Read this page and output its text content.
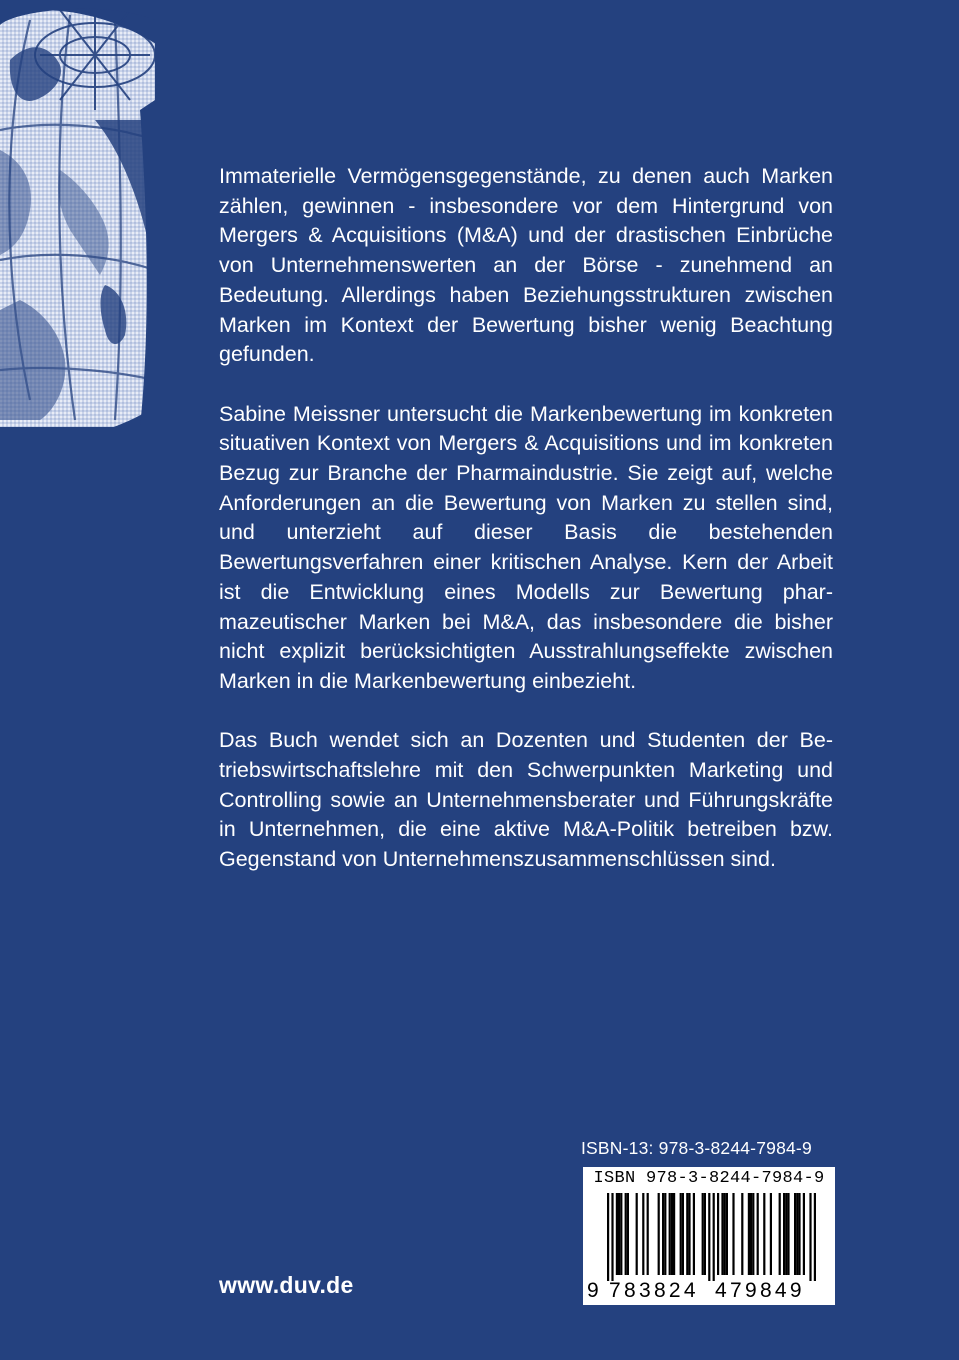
Immaterielle Vermögensgegenstände, zu denen auch Marken zählen, gewinnen - insbesondere vor dem Hintergrund von Mergers & Acquisitions (M&A) und der drastischen Einbrüche von Unternehmenswerten an der Börse - zunehmend an Bedeutung. Allerdings haben Beziehungsstrukturen zwischen Marken im Kontext der Bewertung bisher wenig Beachtung gefunden.

Sabine Meissner untersucht die Markenbewertung im konkreten situativen Kontext von Mergers & Acquisitions und im konkreten Bezug zur Branche der Pharmaindustrie. Sie zeigt auf, welche Anforderungen an die Bewertung von Marken zu stellen sind, und unterzieht auf dieser Basis die bestehenden Bewertungsverfahren einer kritischen Analyse. Kern der Arbeit ist die Entwicklung eines Modells zur Bewertung pharmazeutischer Marken bei M&A, das insbesondere die bisher nicht explizit berücksichtigten Ausstrahlungseffekte zwischen Marken in die Markenbewertung einbezieht.

Das Buch wendet sich an Dozenten und Studenten der Betriebswirtschaftslehre mit den Schwerpunkten Marketing und Controlling sowie an Unternehmensberater und Führungskräfte in Unternehmen, die eine aktive M&A-Politik betreiben bzw. Gegenstand von Unternehmenszusammenschlüssen sind.

ISBN-13: 978-3-8244-7984-9
ISBN 978-3-8244-7984-9
9 783824 479849
www.duv.de
